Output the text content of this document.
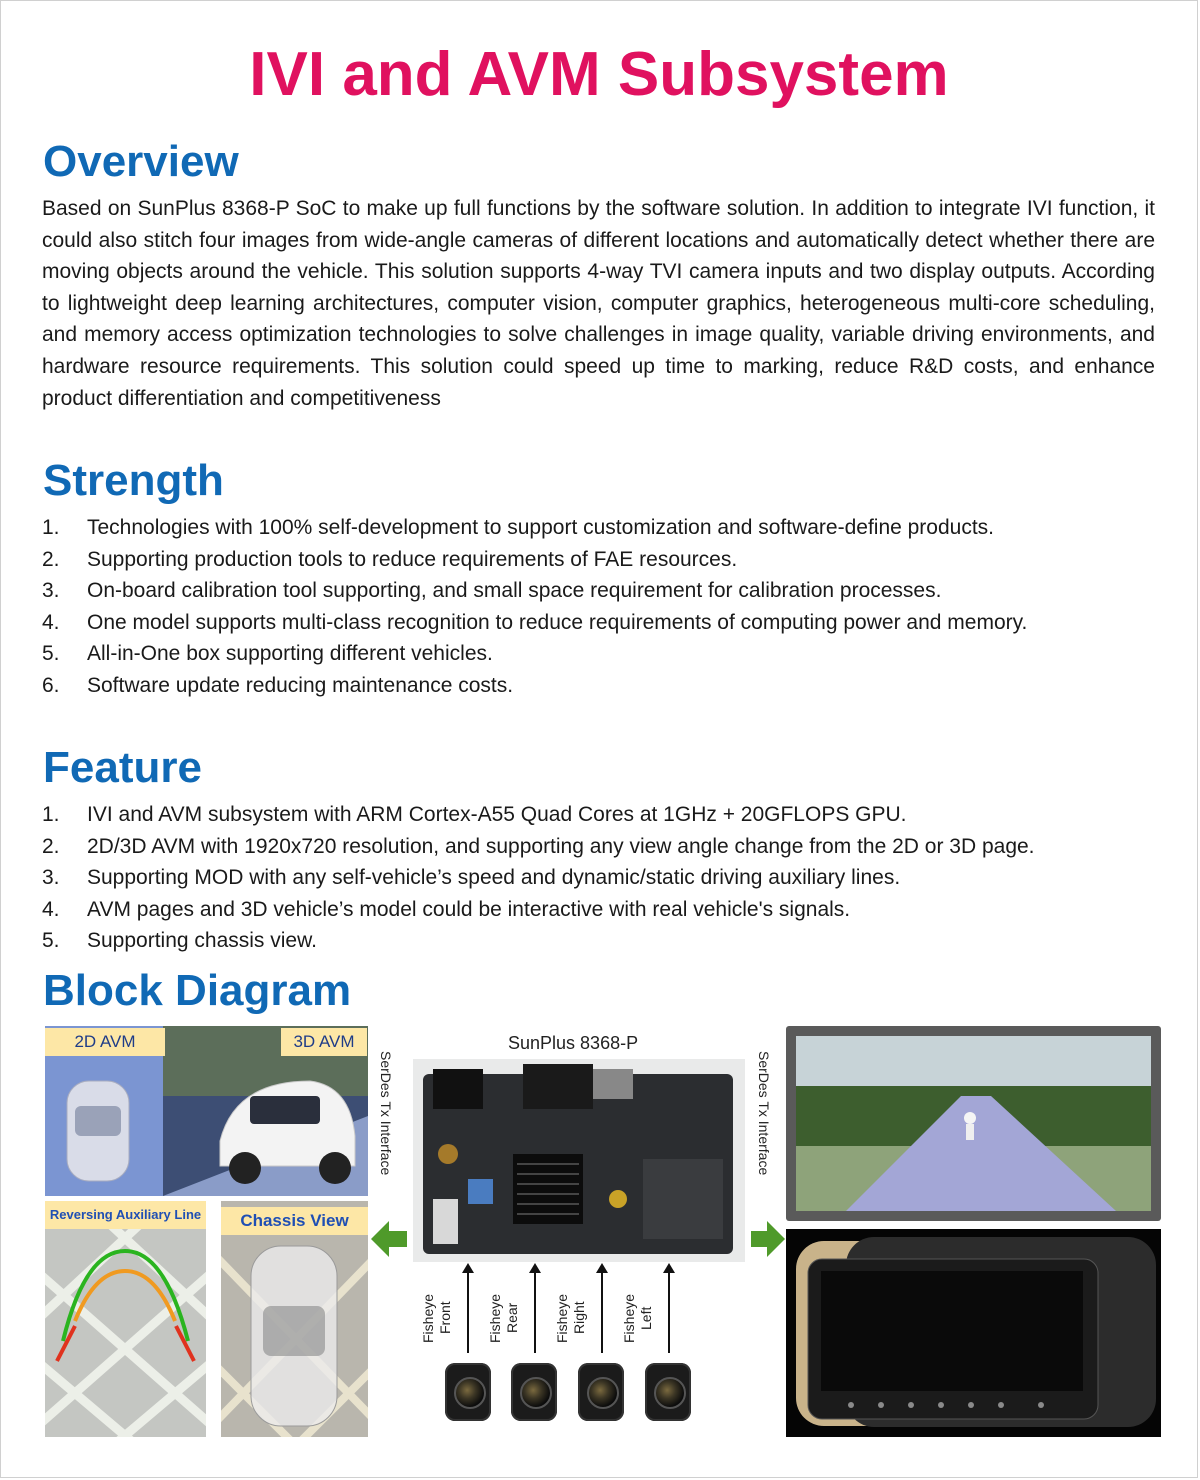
IVI and AVM Subsystem
Overview
Based on SunPlus 8368-P SoC to make up full functions by the software solution. In addition to integrate IVI function, it could also stitch four images from wide-angle cameras of different locations and automatically detect whether there are moving objects around the vehicle. This solution supports 4-way TVI camera inputs and two display outputs. According to lightweight deep learning architectures, computer vision, computer graphics, heterogeneous multi-core scheduling, and memory access optimization technologies to solve challenges in image quality, variable driving environments, and hardware resource requirements. This solution could speed up time to marking, reduce R&D costs, and enhance product differentiation and competitiveness
Strength
1. Technologies with 100% self-development to support customization and software-define products.
2. Supporting production tools to reduce requirements of FAE resources.
3. On-board calibration tool supporting, and small space requirement for calibration processes.
4. One model supports multi-class recognition to reduce requirements of computing power and memory.
5. All-in-One box supporting different vehicles.
6. Software update reducing maintenance costs.
Feature
1. IVI and AVM subsystem with ARM Cortex-A55 Quad Cores at 1GHz + 20GFLOPS GPU.
2. 2D/3D AVM with 1920x720 resolution, and supporting any view angle change from the 2D or 3D page.
3. Supporting MOD with any self-vehicle’s speed and dynamic/static driving auxiliary lines.
4. AVM pages and 3D vehicle’s model could be interactive with real vehicle's signals.
5. Supporting chassis view.
Block Diagram
2D AVM	3D AVM
Reversing Auxiliary Line	Chassis View
SerDes Tx Interface
SunPlus 8368-P
Fisheye
Front Fisheye
Rear Fisheye
Right Fisheye
Left
SerDes Tx Interface
